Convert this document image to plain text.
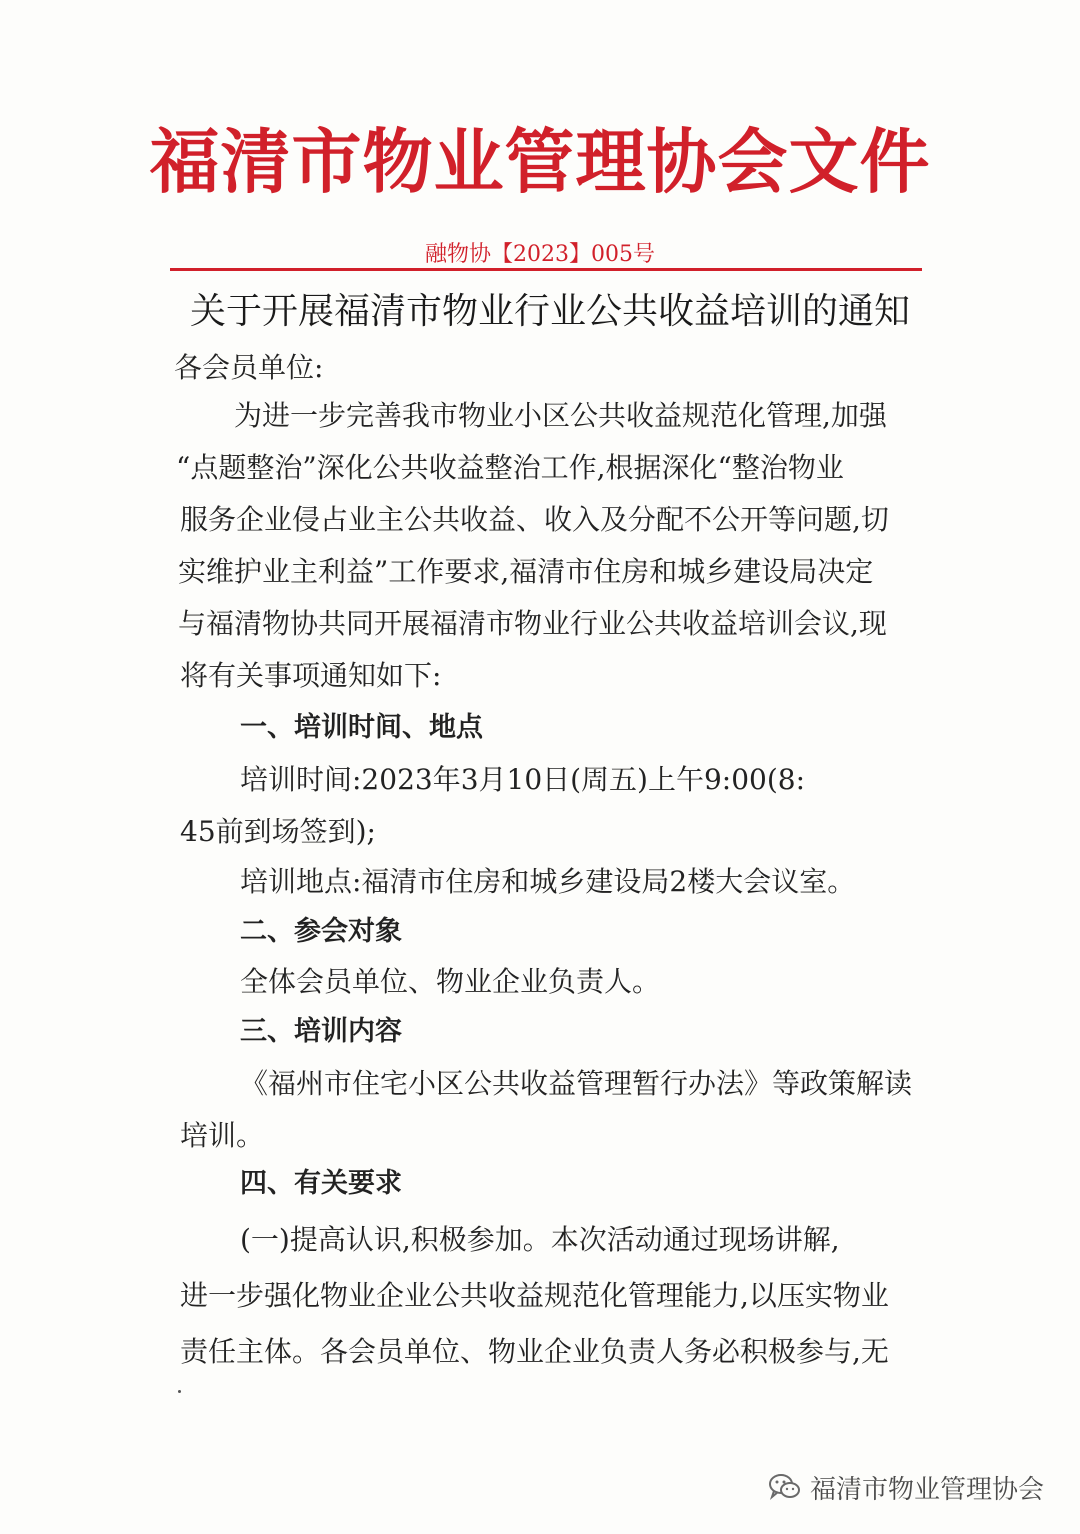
福清市物业管理协会文件
融物协【2023】005号
关于开展福清市物业行业公共收益培训的通知
各会员单位:
为进一步完善我市物业小区公共收益规范化管理,加强
“点题整治”深化公共收益整治工作,根据深化“整治物业
服务企业侵占业主公共收益、收入及分配不公开等问题,切
实维护业主利益”工作要求,福清市住房和城乡建设局决定
与福清物协共同开展福清市物业行业公共收益培训会议,现
将有关事项通知如下:
一、培训时间、地点
培训时间:2023年3月10日(周五)上午9:00(8:
45前到场签到);
培训地点:福清市住房和城乡建设局2楼大会议室。
二、参会对象
全体会员单位、物业企业负责人。
三、培训内容
《福州市住宅小区公共收益管理暂行办法》等政策解读
培训。
四、有关要求
(一)提高认识,积极参加。本次活动通过现场讲解,
进一步强化物业企业公共收益规范化管理能力,以压实物业
责任主体。各会员单位、物业企业负责人务必积极参与,无
福清市物业管理协会
